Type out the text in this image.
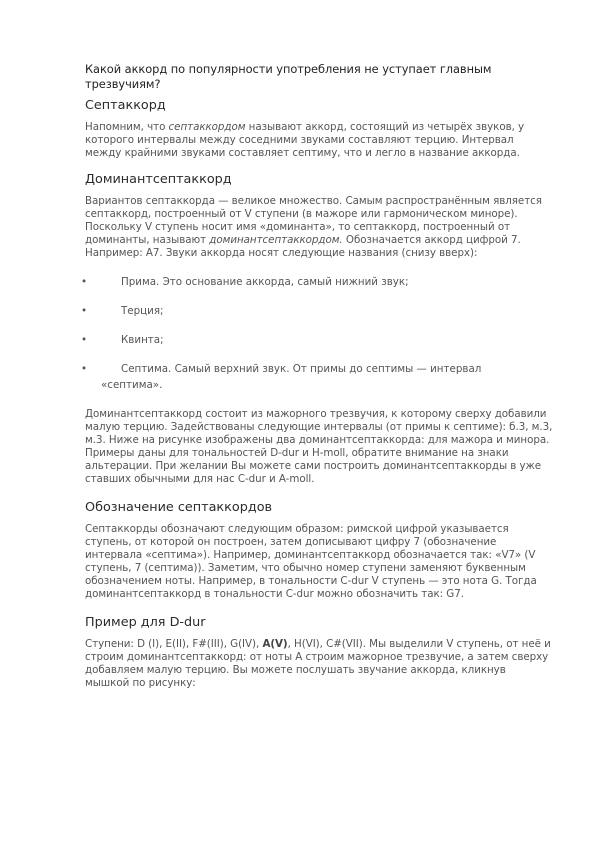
Какой аккорд по популярности употребления не уступает главным трезвучиям?

Септаккорд

Напомним, что септаккордом называют аккорд, состоящий из четырёх звуков, у которого интервалы между соседними звуками составляют терцию. Интервал между крайними звуками составляет септиму, что и легло в название аккорда.

Доминантсептаккорд

Вариантов септаккорда — великое множество. Самым распространённым является септаккорд, построенный от V ступени (в мажоре или гармоническом миноре). Поскольку V ступень носит имя «доминанта», то септаккорд, построенный от доминанты, называют доминантсептаккордом. Обозначается аккорд цифрой 7. Например: A7. Звуки аккорда носят следующие названия (снизу вверх):

•	Прима. Это основание аккорда, самый нижний звук;
•	Терция;
•	Квинта;
•	Септима. Самый верхний звук. От примы до септимы — интервал
«септима».

Доминантсептаккорд состоит из мажорного трезвучия, к которому сверху добавили малую терцию. Задействованы следующие интервалы (от примы к септиме): б.3, м.3, м.3. Ниже на рисунке изображены два доминантсептаккорда: для мажора и минора. Примеры даны для тональностей D-dur и H-moll, обратите внимание на знаки альтерации. При желании Вы можете сами построить доминантсептаккорды в уже ставших обычными для нас C-dur и A-moll.

Обозначение септаккордов

Септаккорды обозначают следующим образом: римской цифрой указывается ступень, от которой он построен, затем дописывают цифру 7 (обозначение интервала «септима»). Например, доминантсептаккорд обозначается так: «V7» (V ступень, 7 (септима)). Заметим, что обычно номер ступени заменяют буквенным обозначением ноты. Например, в тональности C-dur V ступень — это нота G. Тогда доминантсептаккорд в тональности C-dur можно обозначить так: G7.

Пример для D-dur

Ступени: D (I), E(II), F#(III), G(IV), A(V), H(VI), C#(VII). Мы выделили V ступень, от неё и строим доминантсептаккорд: от ноты A строим мажорное трезвучие, а затем сверху добавляем малую терцию. Вы можете послушать звучание аккорда, кликнув мышкой по рисунку:
